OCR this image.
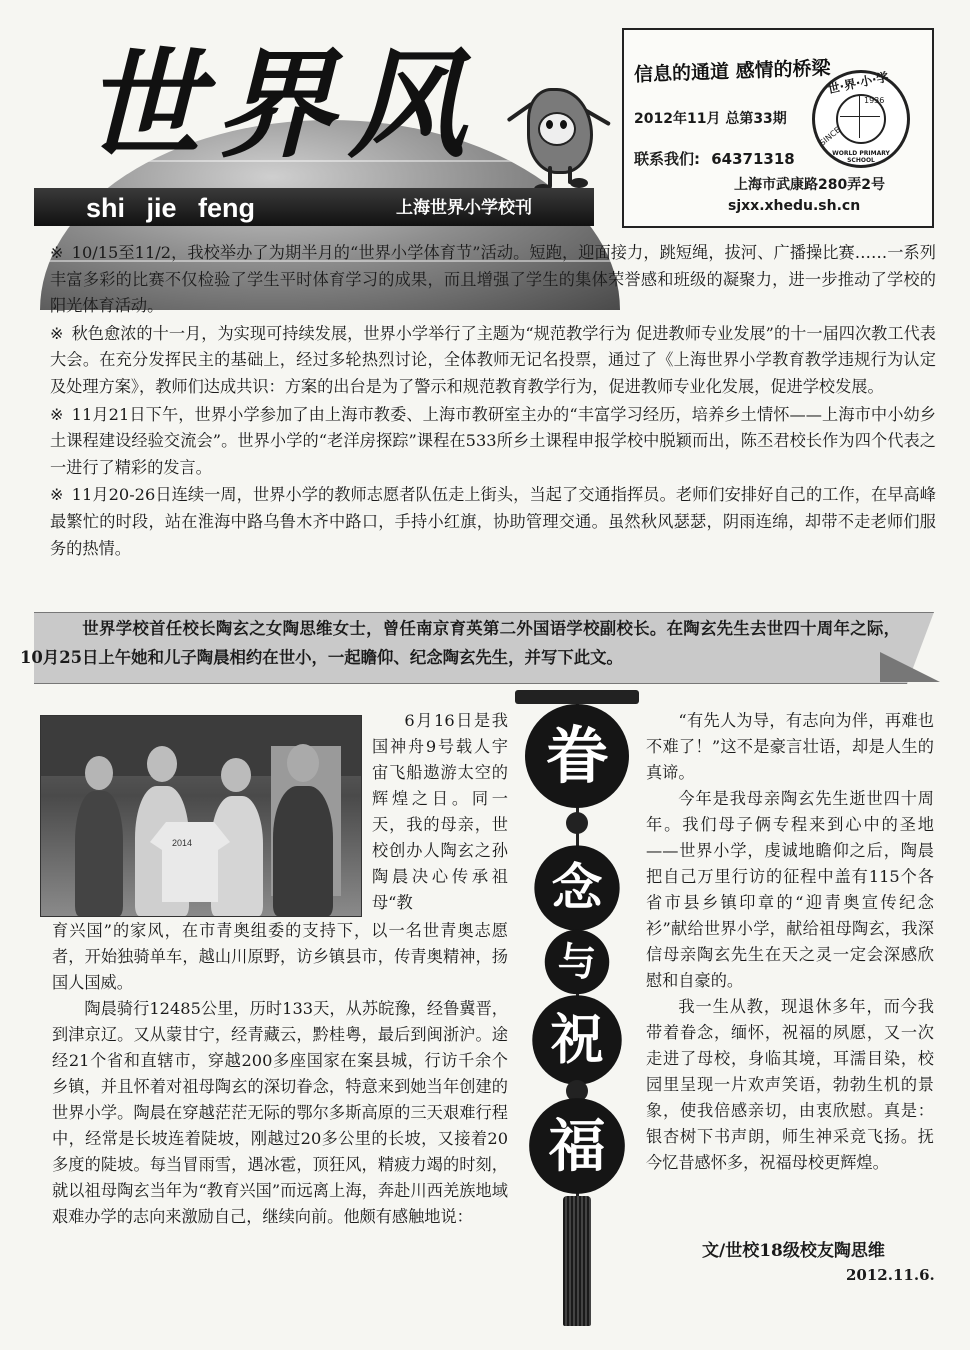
世界风
shi jie feng	上海世界小学校刊
信息的通道 感情的桥梁
2012年11月 总第33期
联系我们: 64371318
上海市武康路280弄2号
sjxx.xhedu.sh.cn
世·界·小·学
1936
SINCE
WORLD PRIMARY SCHOOL

※ 10/15至11/2，我校举办了为期半月的“世界小学体育节”活动。短跑，迎面接力，跳短绳，拔河、广播操比赛……一系列丰富多彩的比赛不仅检验了学生平时体育学习的成果，而且增强了学生的集体荣誉感和班级的凝聚力，进一步推动了学校的阳光体育活动。

※ 秋色愈浓的十一月，为实现可持续发展，世界小学举行了主题为“规范教学行为 促进教师专业发展”的十一届四次教工代表大会。在充分发挥民主的基础上，经过多轮热烈讨论，全体教师无记名投票，通过了《上海世界小学教育教学违规行为认定及处理方案》，教师们达成共识：方案的出台是为了警示和规范教育教学行为，促进教师专业化发展，促进学校发展。

※ 11月21日下午，世界小学参加了由上海市教委、上海市教研室主办的“丰富学习经历，培养乡土情怀——上海市中小幼乡土课程建设经验交流会”。世界小学的“老洋房探踪”课程在533所乡土课程申报学校中脱颖而出，陈丕君校长作为四个代表之一进行了精彩的发言。

※ 11月20-26日连续一周，世界小学的教师志愿者队伍走上街头，当起了交通指挥员。老师们安排好自己的工作，在早高峰最繁忙的时段，站在淮海中路乌鲁木齐中路口，手持小红旗，协助管理交通。虽然秋风瑟瑟，阴雨连绵，却带不走老师们服务的热情。

世界学校首任校长陶玄之女陶思维女士，曾任南京育英第二外国语学校副校长。在陶玄先生去世四十周年之际，10月25日上午她和儿子陶晨相约在世小，一起瞻仰、纪念陶玄先生，并写下此文。
2014

6月16日是我国神舟9号载人宇宙飞船遨游太空的辉煌之日。同一天，我的母亲，世校创办人陶玄之孙陶晨决心传承祖母“教

育兴国”的家风，在市青奥组委的支持下，以一名世青奥志愿者，开始独骑单车，越山川原野，访乡镇县市，传青奥精神，扬国人国威。

陶晨骑行12485公里，历时133天，从苏皖豫，经鲁冀晋，到津京辽。又从蒙甘宁，经青藏云，黔桂粤，最后到闽浙沪。途经21个省和直辖市，穿越200多座国家在案县城，行访千余个乡镇，并且怀着对祖母陶玄的深切眷念，特意来到她当年创建的世界小学。陶晨在穿越茫茫无际的鄂尔多斯高原的三天艰难行程中，经常是长坡连着陡坡，刚越过20多公里的长坡，又接着20多度的陡坡。每当冒雨雪，遇冰雹，顶狂风，精疲力竭的时刻，就以祖母陶玄当年为“教育兴国”而远离上海，奔赴川西羌族地域艰难办学的志向来激励自己，继续向前。他颇有感触地说：

“有先人为导，有志向为伴，再难也不难了！”这不是豪言壮语，却是人生的真谛。

今年是我母亲陶玄先生逝世四十周年。我们母子俩专程来到心中的圣地——世界小学，虔诚地瞻仰之后，陶晨把自己万里行访的征程中盖有115个各省市县乡镇印章的“迎青奥宣传纪念衫”献给世界小学，献给祖母陶玄，我深信母亲陶玄先生在天之灵一定会深感欣慰和自豪的。

我一生从教，现退休多年，而今我带着眷念，缅怀，祝福的夙愿，又一次走进了母校，身临其境，耳濡目染，校园里呈现一片欢声笑语，勃勃生机的景象，使我倍感亲切，由衷欣慰。真是：银杏树下书声朗，师生神采竞飞扬。抚今忆昔感怀多，祝福母校更辉煌。

眷
念
与
祝
福
文/世校18级校友陶思维
2012.11.6.
